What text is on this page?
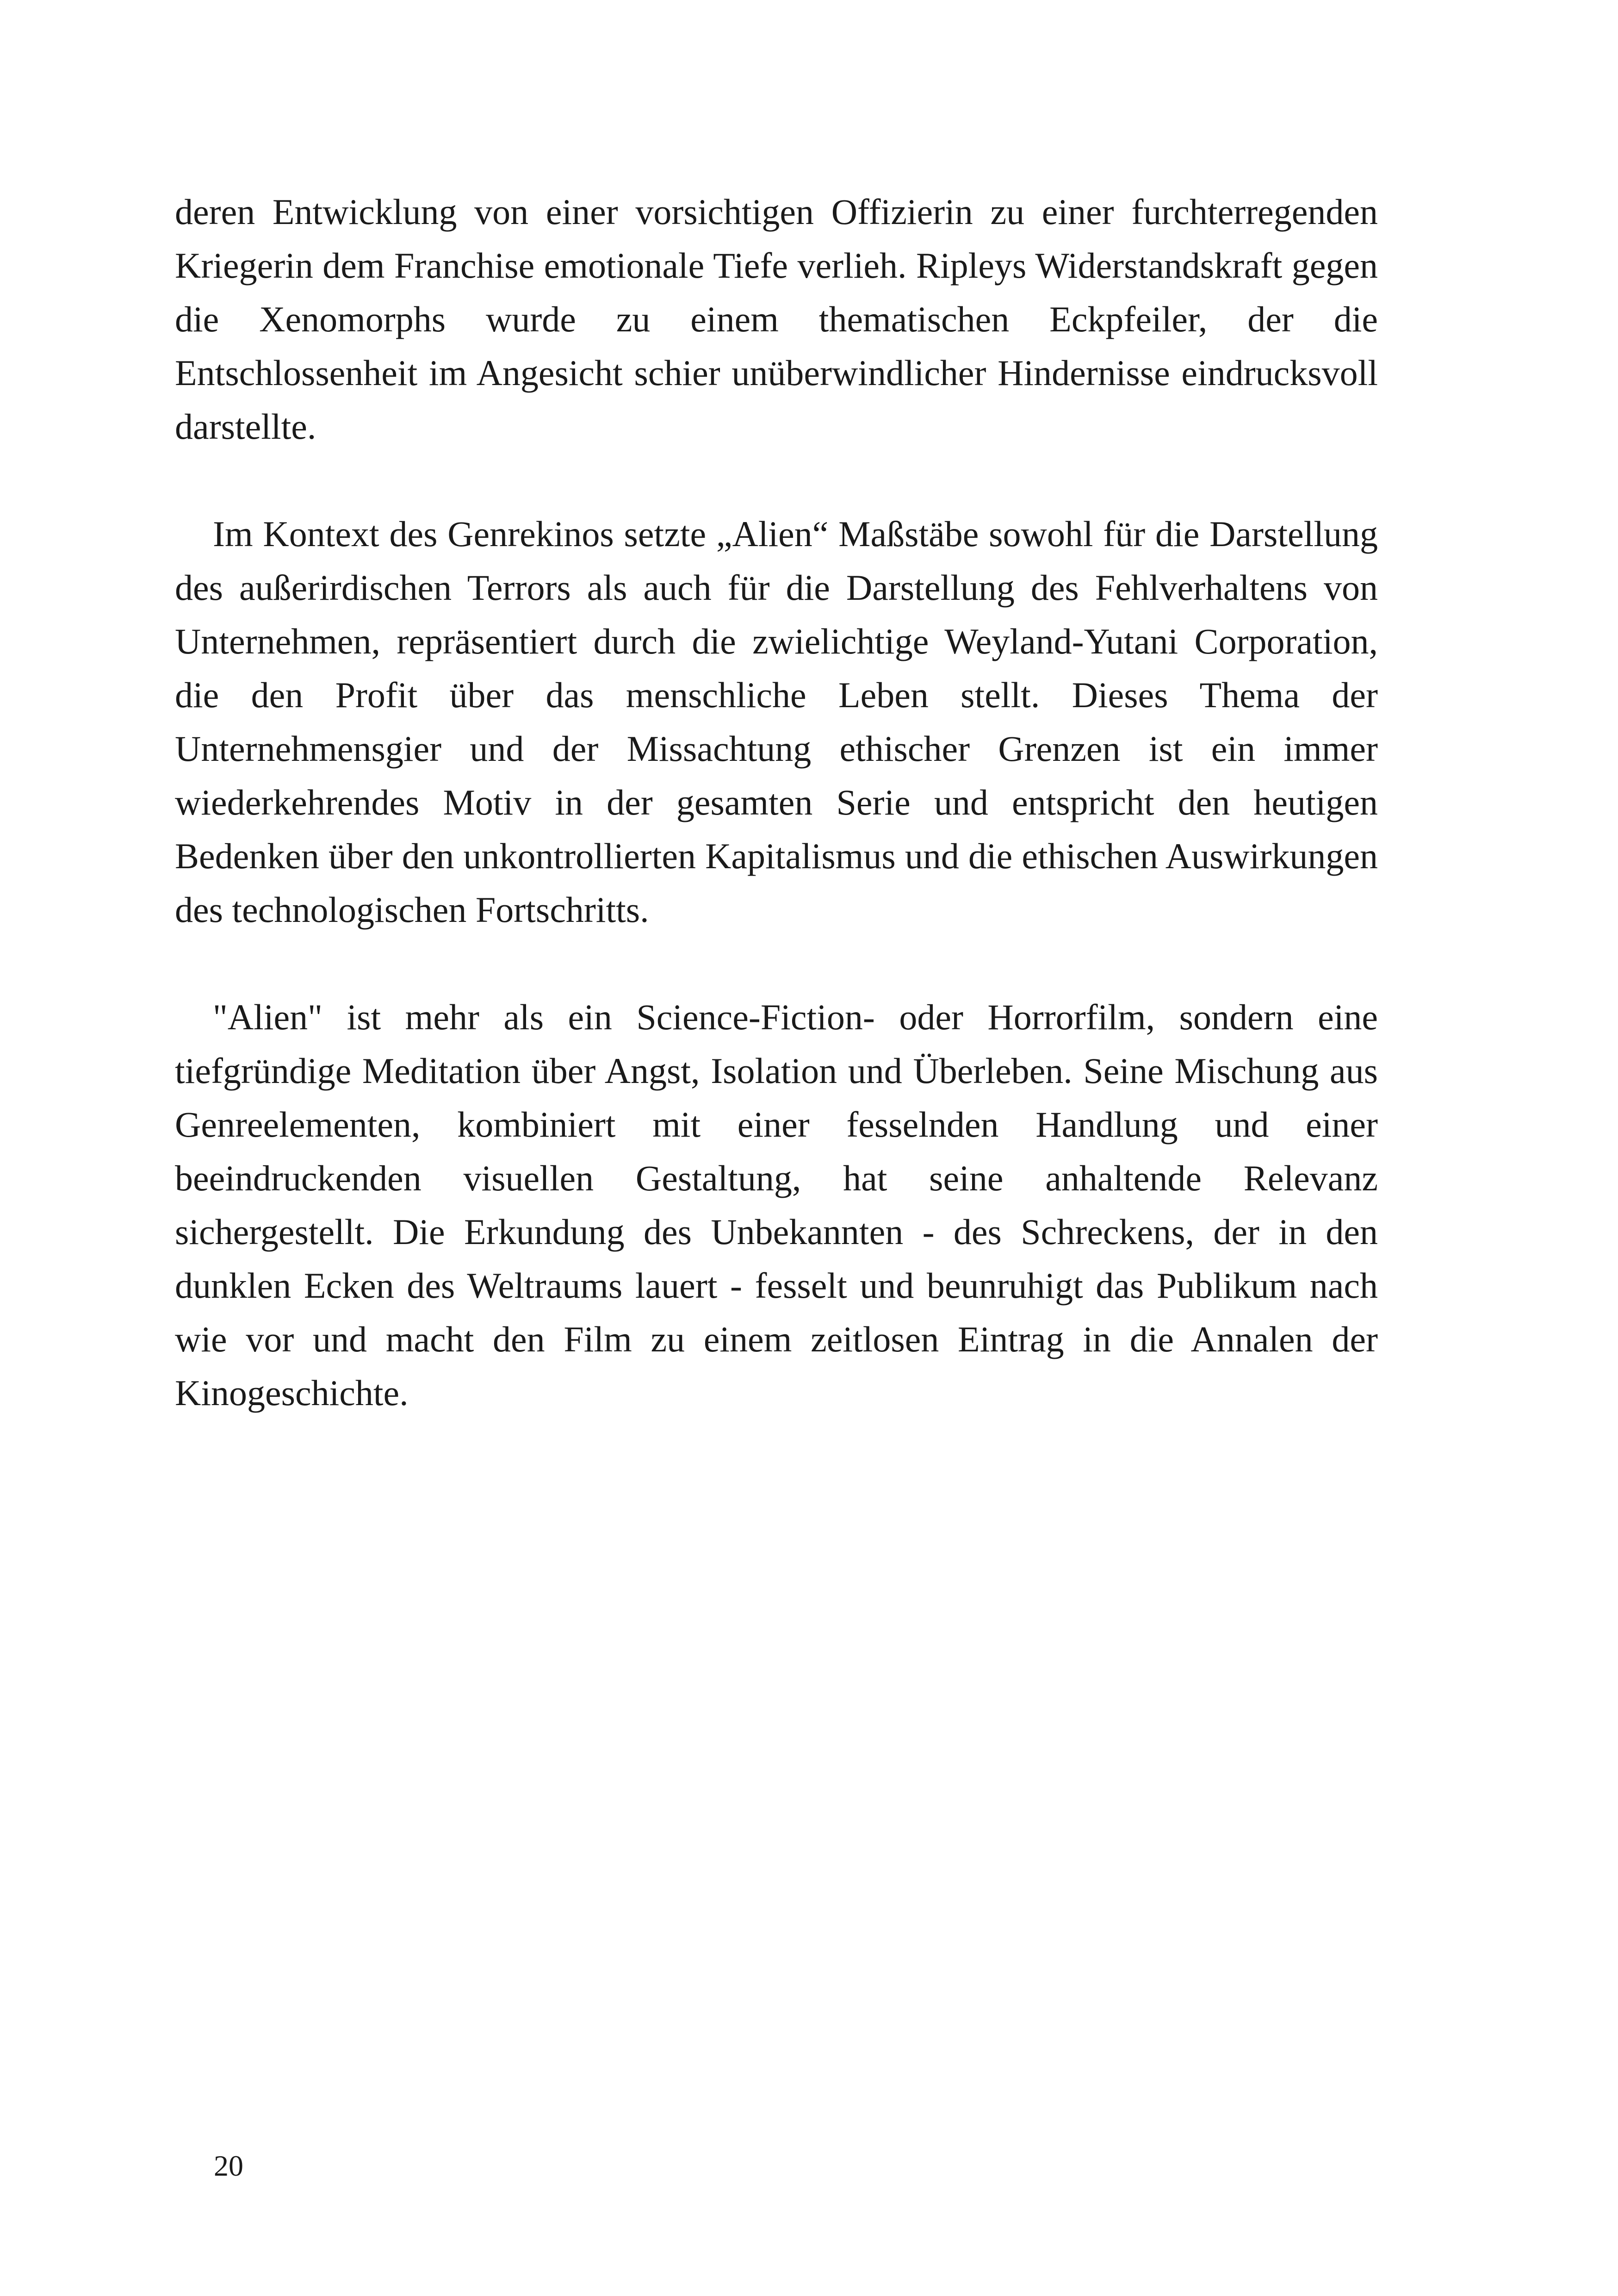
deren Entwicklung von einer vorsichtigen Offizierin zu einer furchterregenden Kriegerin dem Franchise emotionale Tiefe verlieh. Ripleys Widerstandskraft gegen die Xenomorphs wurde zu einem thematischen Eckpfeiler, der die Entschlossenheit im Angesicht schier unüberwindlicher Hindernisse eindrucksvoll darstellte.

Im Kontext des Genrekinos setzte „Alien“ Maßstäbe sowohl für die Darstellung des außerirdischen Terrors als auch für die Darstellung des Fehlverhaltens von Unternehmen, repräsentiert durch die zwielichtige Weyland-Yutani Corporation, die den Profit über das menschliche Leben stellt. Dieses Thema der Unternehmensgier und der Missachtung ethischer Grenzen ist ein immer wiederkehrendes Motiv in der gesamten Serie und entspricht den heutigen Bedenken über den unkontrollierten Kapitalismus und die ethischen Auswirkungen des technologischen Fortschritts.

"Alien" ist mehr als ein Science-Fiction- oder Horrorfilm, sondern eine tiefgründige Meditation über Angst, Isolation und Überleben. Seine Mischung aus Genreelementen, kombiniert mit einer fesselnden Handlung und einer beeindruckenden visuellen Gestaltung, hat seine anhaltende Relevanz sichergestellt. Die Erkundung des Unbekannten - des Schreckens, der in den dunklen Ecken des Weltraums lauert - fesselt und beunruhigt das Publikum nach wie vor und macht den Film zu einem zeitlosen Eintrag in die Annalen der Kinogeschichte.

20
